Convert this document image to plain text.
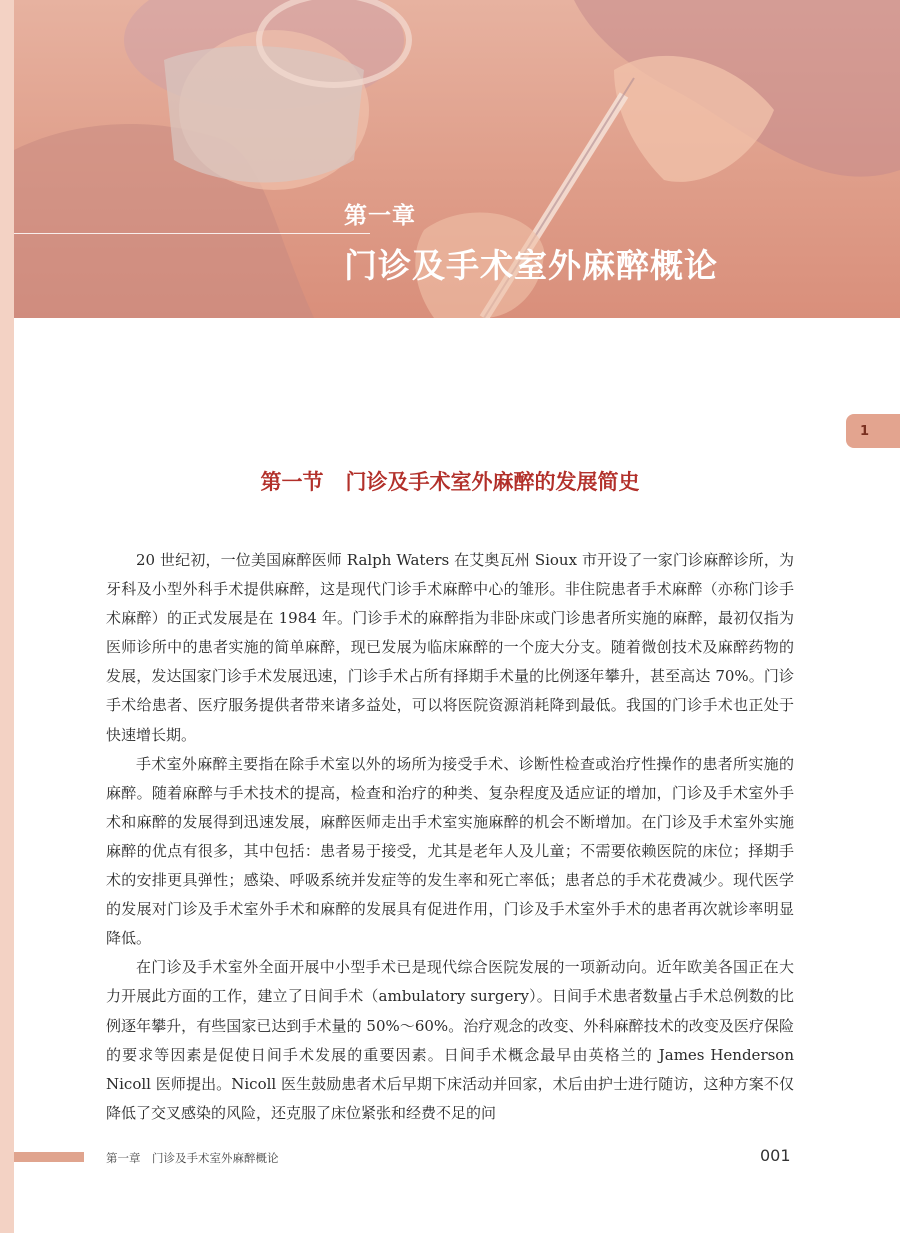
第一章
门诊及手术室外麻醉概论
1
第一节 门诊及手术室外麻醉的发展简史

20 世纪初，一位美国麻醉医师 Ralph Waters 在艾奥瓦州 Sioux 市开设了一家门诊麻醉诊所，为牙科及小型外科手术提供麻醉，这是现代门诊手术麻醉中心的雏形。非住院患者手术麻醉（亦称门诊手术麻醉）的正式发展是在 1984 年。门诊手术的麻醉指为非卧床或门诊患者所实施的麻醉，最初仅指为医师诊所中的患者实施的简单麻醉，现已发展为临床麻醉的一个庞大分支。随着微创技术及麻醉药物的发展，发达国家门诊手术发展迅速，门诊手术占所有择期手术量的比例逐年攀升，甚至高达 70%。门诊手术给患者、医疗服务提供者带来诸多益处，可以将医院资源消耗降到最低。我国的门诊手术也正处于快速增长期。

手术室外麻醉主要指在除手术室以外的场所为接受手术、诊断性检查或治疗性操作的患者所实施的麻醉。随着麻醉与手术技术的提高，检查和治疗的种类、复杂程度及适应证的增加，门诊及手术室外手术和麻醉的发展得到迅速发展，麻醉医师走出手术室实施麻醉的机会不断增加。在门诊及手术室外实施麻醉的优点有很多，其中包括：患者易于接受，尤其是老年人及儿童；不需要依赖医院的床位；择期手术的安排更具弹性；感染、呼吸系统并发症等的发生率和死亡率低；患者总的手术花费减少。现代医学的发展对门诊及手术室外手术和麻醉的发展具有促进作用，门诊及手术室外手术的患者再次就诊率明显降低。

在门诊及手术室外全面开展中小型手术已是现代综合医院发展的一项新动向。近年欧美各国正在大力开展此方面的工作，建立了日间手术（ambulatory surgery）。日间手术患者数量占手术总例数的比例逐年攀升，有些国家已达到手术量的 50%～60%。治疗观念的改变、外科麻醉技术的改变及医疗保险的要求等因素是促使日间手术发展的重要因素。日间手术概念最早由英格兰的 James Henderson Nicoll 医师提出。Nicoll 医生鼓励患者术后早期下床活动并回家，术后由护士进行随访，这种方案不仅降低了交叉感染的风险，还克服了床位紧张和经费不足的问

第一章　门诊及手术室外麻醉概论	001
